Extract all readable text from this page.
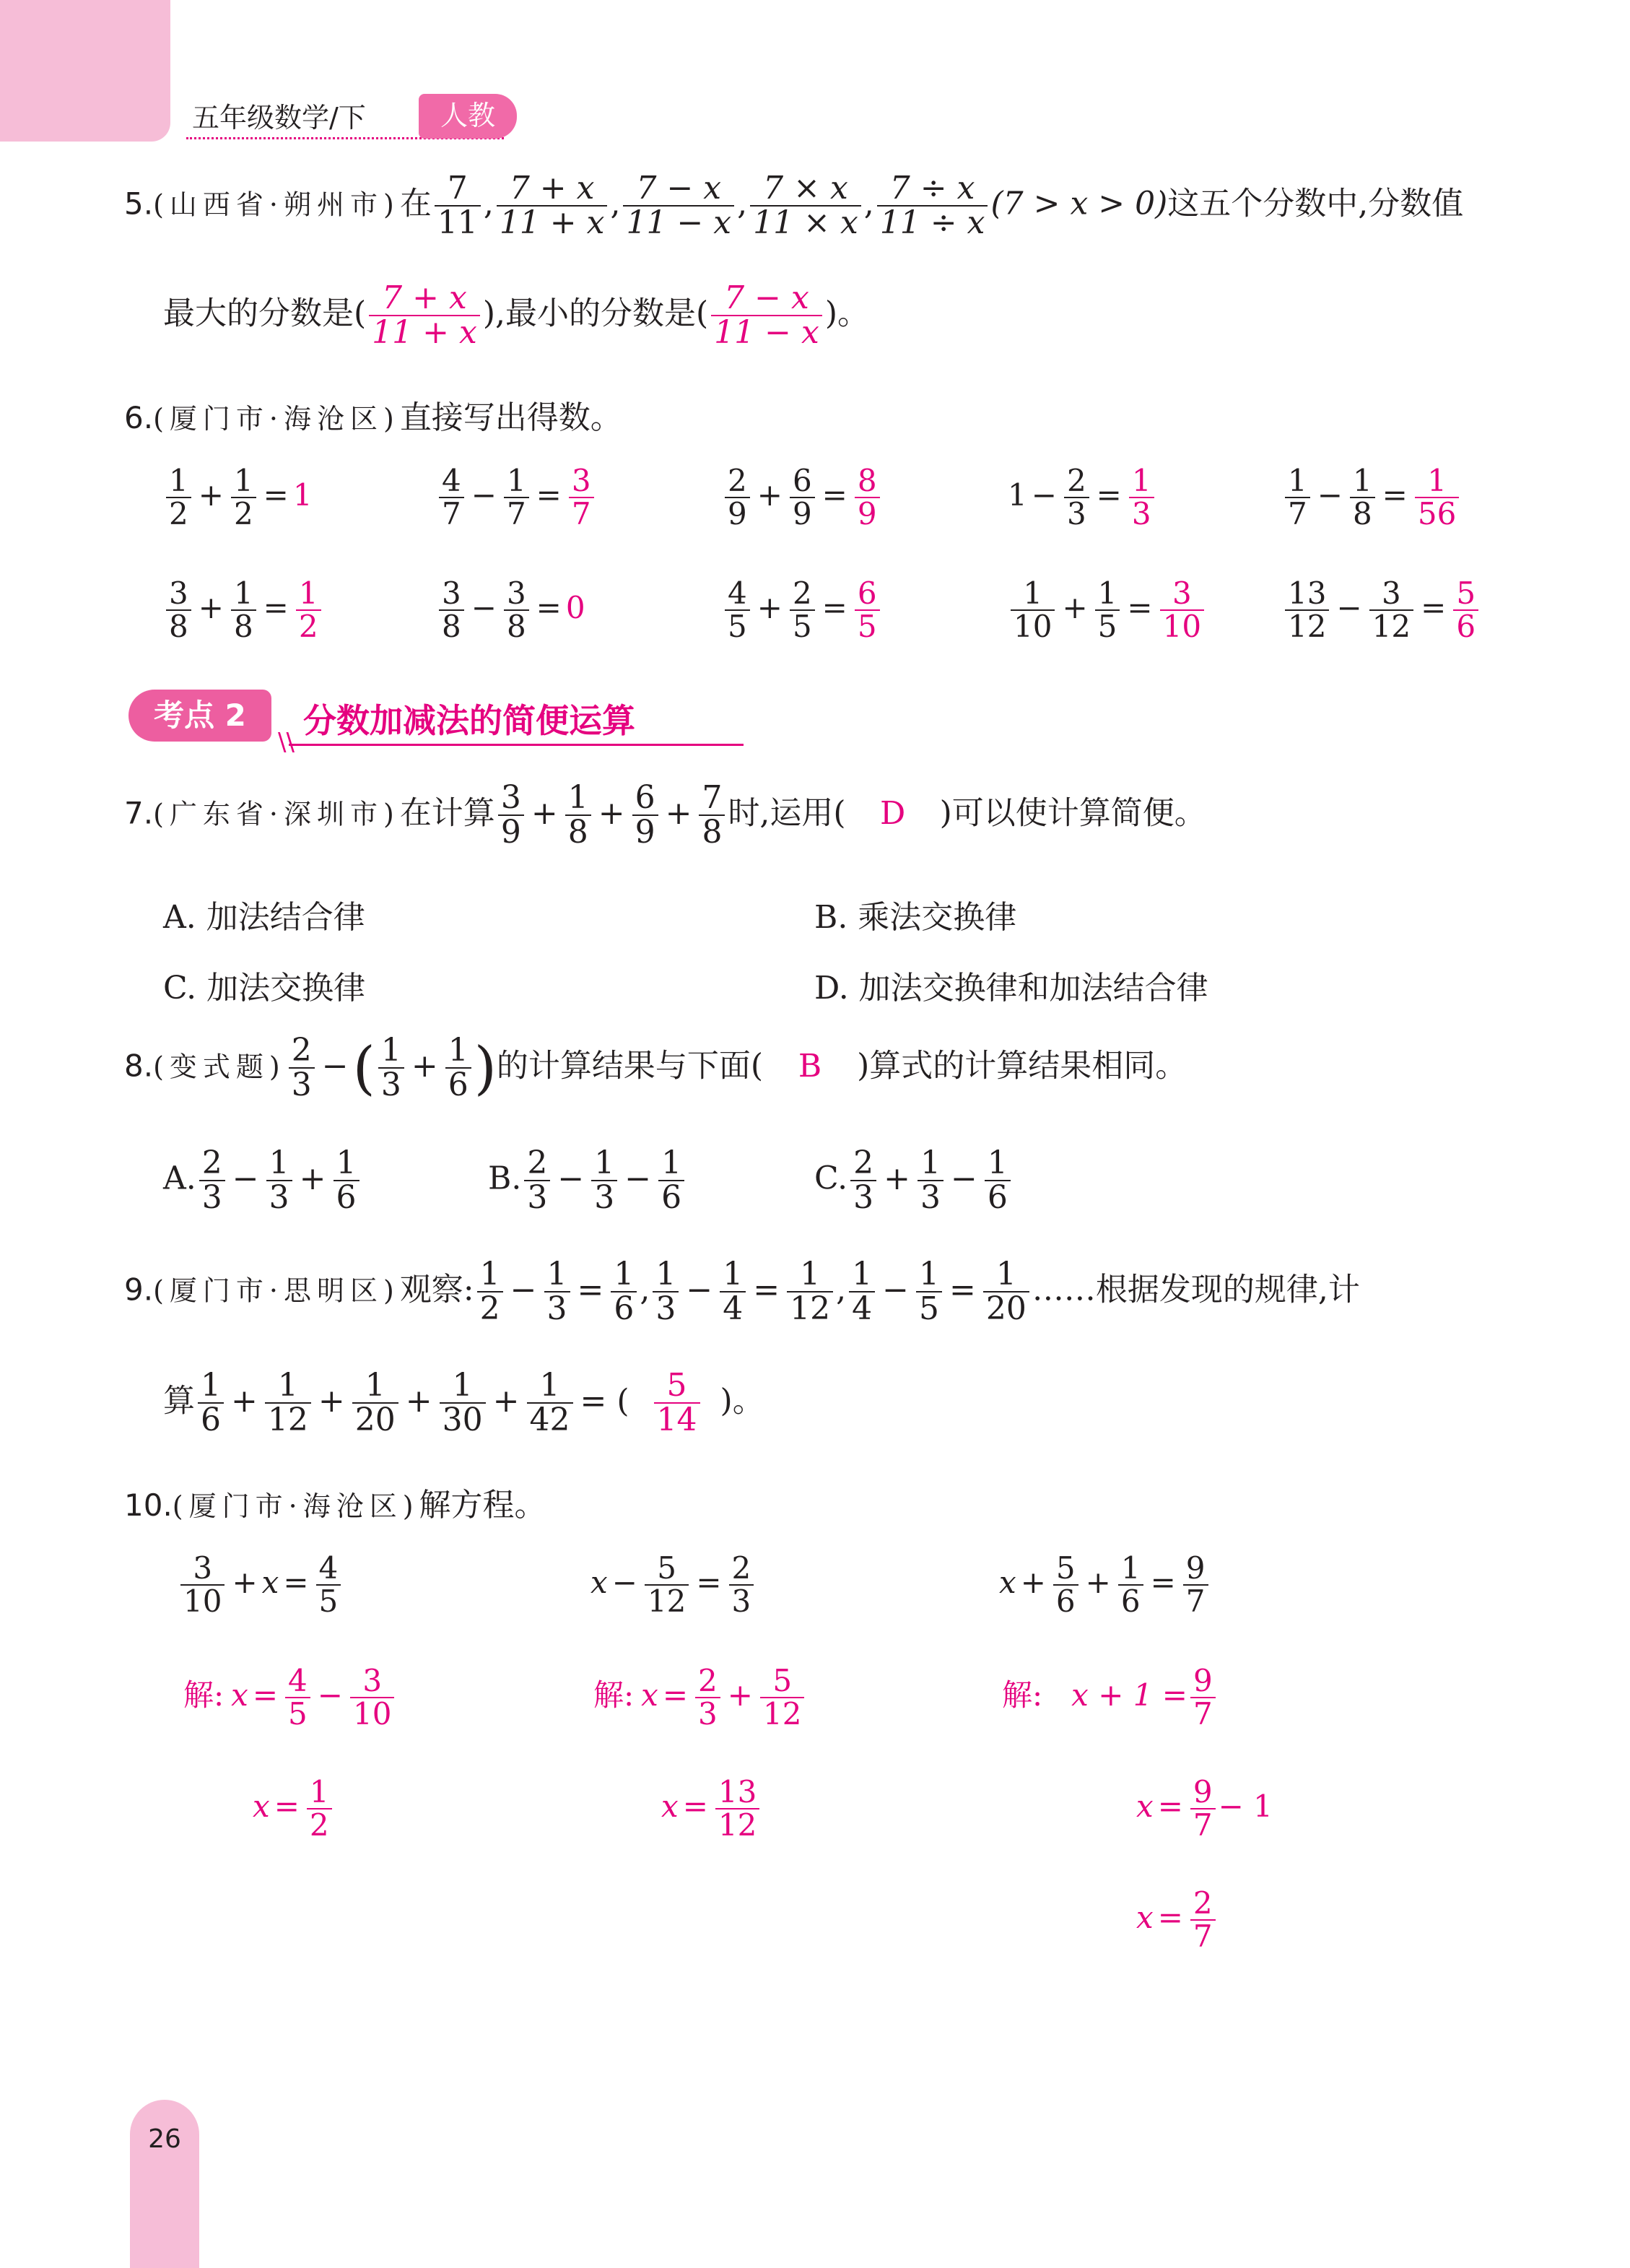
五年级数学/下	人教
5.(山西省·朔州市)在 $\frac{7}{11}$ , $\frac{7 + x}{11 + x}$ , $\frac{7 - x}{11 - x}$ , $\frac{7 \times x}{11 \times x}$ , $\frac{7 \div x}{11 \div x} (7 > x > 0)$这五个分数中,分数值
最大的分数是( $\frac{7 + x}{11 + x}$ ),最小的分数是( $\frac{7 - x}{11 - x}$ )。
6.(厦门市·海沧区)直接写出得数。
$\frac{1}{2} + \frac{1}{2} = 1$	$\frac{4}{7} - \frac{1}{7} = \frac{3}{7}$	$\frac{2}{9} + \frac{6}{9} = \frac{8}{9}$	$1 - \frac{2}{3} = \frac{1}{3}$	$\frac{1}{7} - \frac{1}{8} = \frac{1}{56}$
$\frac{3}{8} + \frac{1}{8} = \frac{1}{2}$	$\frac{3}{8} - \frac{3}{8} = 0$	$\frac{4}{5} + \frac{2}{5} = \frac{6}{5}$	$\frac{1}{10} + \frac{1}{5} = \frac{3}{10}$	$\frac{13}{12} - \frac{3}{12} = \frac{5}{6}$
考点 2
\\
分数加减法的简便运算
7.(广东省·深圳市)在计算 $\frac{3}{9} + \frac{1}{8} + \frac{6}{9} + \frac{7}{8}$ 时,运用( D )可以使计算简便。
A. 加法结合律	B. 乘法交换律
C. 加法交换律	D. 加法交换律和加法结合律
8.(变式题) $\frac{2}{3}$ −( $\frac{1}{3} + \frac{1}{6}$ )的计算结果与下面( B )算式的计算结果相同。
A. $\frac{2}{3} - \frac{1}{3} + \frac{1}{6}$	B. $\frac{2}{3} - \frac{1}{3} - \frac{1}{6}$	C. $\frac{2}{3} + \frac{1}{3} - \frac{1}{6}$
9.(厦门市·思明区)观察: $\frac{1}{2} - \frac{1}{3} = \frac{1}{6}$ , $\frac{1}{3} - \frac{1}{4} = \frac{1}{12}$ , $\frac{1}{4} - \frac{1}{5} = \frac{1}{20}$ ……根据发现的规律,计
算 $\frac{1}{6} + \frac{1}{12} + \frac{1}{20} + \frac{1}{30} + \frac{1}{42}$ = ( $\frac{5}{14}$ )。
10.(厦门市·海沧区)解方程。
$\frac{3}{10} + x = \frac{4}{5}$
解: $x = \frac{4}{5} - \frac{3}{10}$
$x = \frac{1}{2}$
$x - \frac{5}{12} = \frac{2}{3}$
解: $x = \frac{2}{3} + \frac{5}{12}$
$x = \frac{13}{12}$
$x + \frac{5}{6} + \frac{1}{6} = \frac{9}{7}$
解: $x + 1 = \frac{9}{7}$
$x = \frac{9}{7} - 1$
$x = \frac{2}{7}$
26
